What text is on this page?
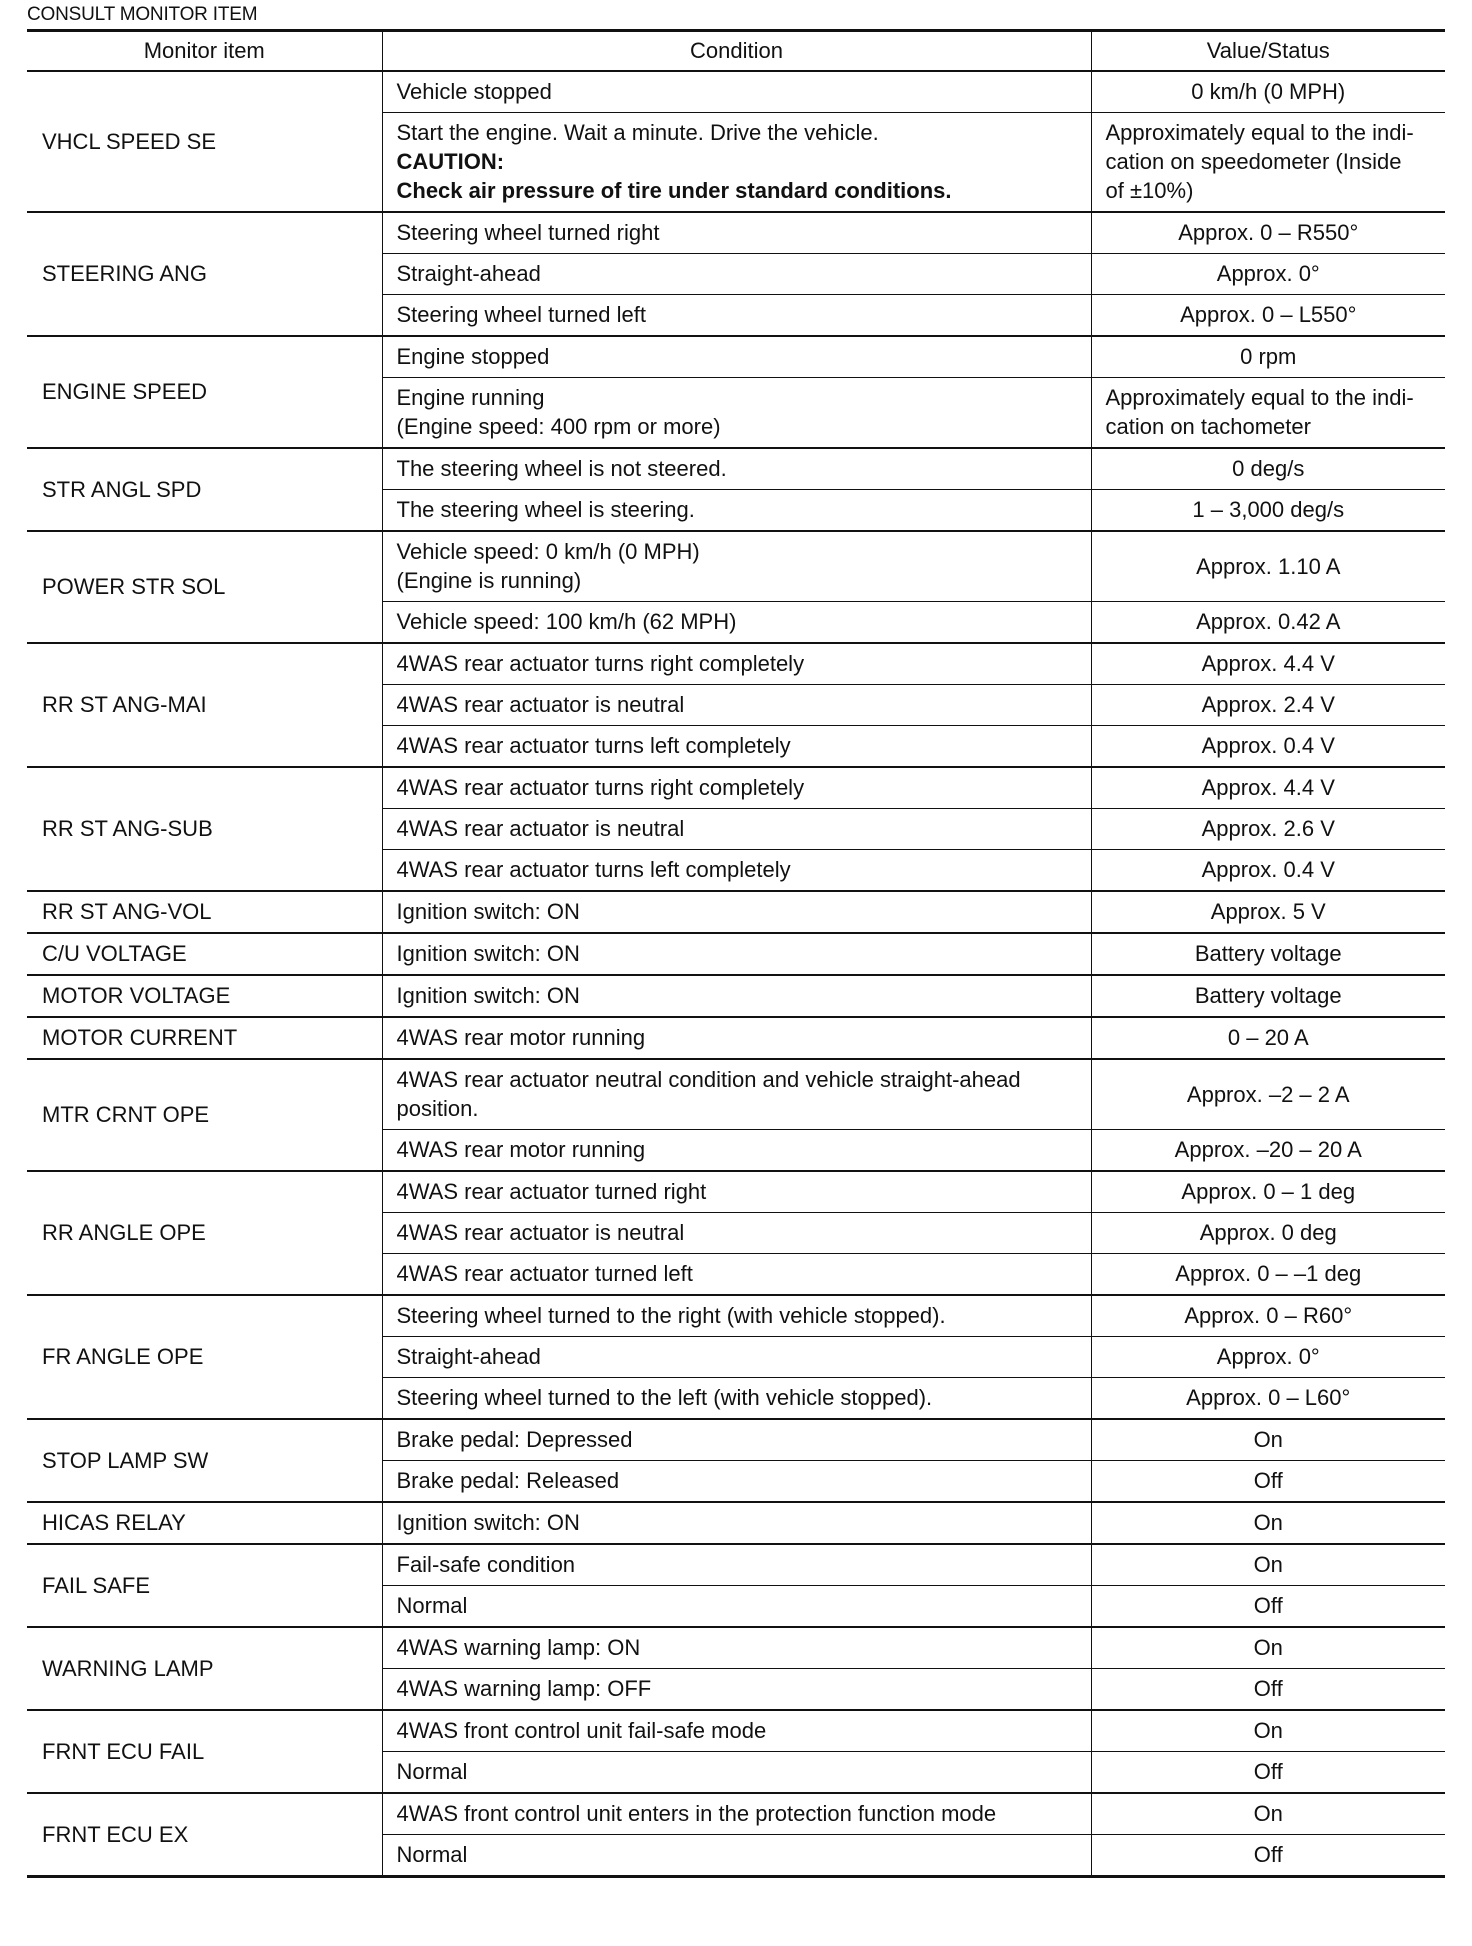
CONSULT MONITOR ITEM
Monitor item	Condition	Value/Status
VHCL SPEED SE	Vehicle stopped	0 km/h (0 MPH)

	Start the engine. Wait a minute. Drive the vehicle.
CAUTION:
Check air pressure of tire under standard conditions.	Approximately equal to the indi-
cation on speedometer (Inside
of ±10%)

STEERING ANG	Steering wheel turned right	Approx. 0 – R550°

	Straight-ahead	Approx. 0°

	Steering wheel turned left	Approx. 0 – L550°

ENGINE SPEED	Engine stopped	0 rpm

	Engine running
(Engine speed: 400 rpm or more)	Approximately equal to the indi-
cation on tachometer

STR ANGL SPD	The steering wheel is not steered.	0 deg/s

	The steering wheel is steering.	1 – 3,000 deg/s

POWER STR SOL	Vehicle speed: 0 km/h (0 MPH)
(Engine is running)	Approx. 1.10 A

	Vehicle speed: 100 km/h (62 MPH)	Approx. 0.42 A

RR ST ANG-MAI	4WAS rear actuator turns right completely	Approx. 4.4 V

	4WAS rear actuator is neutral	Approx. 2.4 V

	4WAS rear actuator turns left completely	Approx. 0.4 V

RR ST ANG-SUB	4WAS rear actuator turns right completely	Approx. 4.4 V

	4WAS rear actuator is neutral	Approx. 2.6 V

	4WAS rear actuator turns left completely	Approx. 0.4 V

RR ST ANG-VOL	Ignition switch: ON	Approx. 5 V

C/U VOLTAGE	Ignition switch: ON	Battery voltage

MOTOR VOLTAGE	Ignition switch: ON	Battery voltage

MOTOR CURRENT	4WAS rear motor running	0 – 20 A

MTR CRNT OPE	4WAS rear actuator neutral condition and vehicle straight-ahead
position.	Approx. –2 – 2 A

	4WAS rear motor running	Approx. –20 – 20 A

RR ANGLE OPE	4WAS rear actuator turned right	Approx. 0 – 1 deg

	4WAS rear actuator is neutral	Approx. 0 deg

	4WAS rear actuator turned left	Approx. 0 – –1 deg

FR ANGLE OPE	Steering wheel turned to the right (with vehicle stopped).	Approx. 0 – R60°

	Straight-ahead	Approx. 0°

	Steering wheel turned to the left (with vehicle stopped).	Approx. 0 – L60°

STOP LAMP SW	Brake pedal: Depressed	On

	Brake pedal: Released	Off

HICAS RELAY	Ignition switch: ON	On

FAIL SAFE	Fail-safe condition	On

	Normal	Off

WARNING LAMP	4WAS warning lamp: ON	On

	4WAS warning lamp: OFF	Off

FRNT ECU FAIL	4WAS front control unit fail-safe mode	On

	Normal	Off

FRNT ECU EX	4WAS front control unit enters in the protection function mode	On

	Normal	Off
